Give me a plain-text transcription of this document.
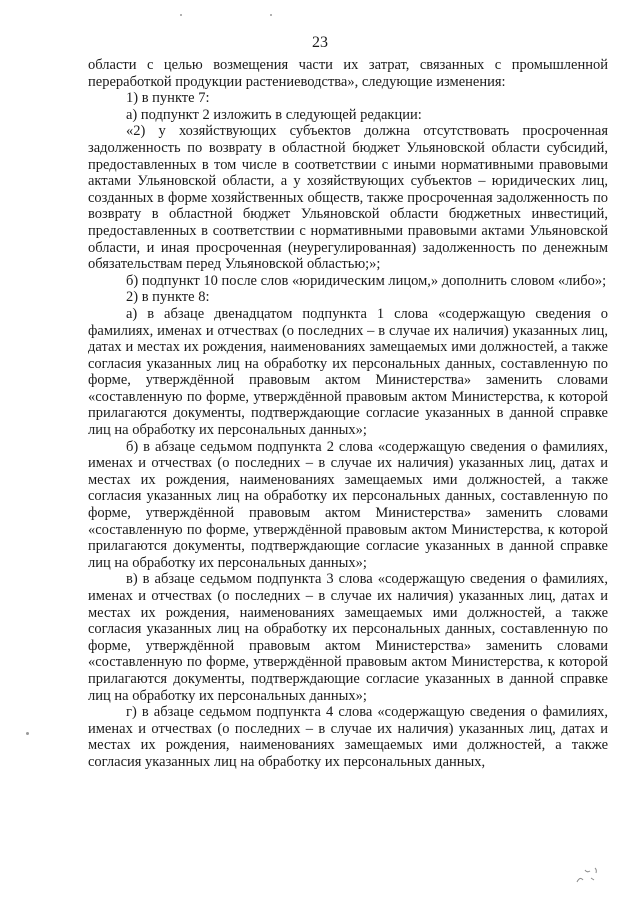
23

области с целью возмещения части их затрат, связанных с промышленной переработкой продукции растениеводства», следующие изменения:

1) в пункте 7:

а) подпункт 2 изложить в следующей редакции:

«2) у хозяйствующих субъектов должна отсутствовать просроченная задолженность по возврату в областной бюджет Ульяновской области субсидий, предоставленных в том числе в соответствии с иными нормативными правовыми актами Ульяновской области, а у хозяйствующих субъектов – юридических лиц, созданных в форме хозяйственных обществ, также просроченная задолженность по возврату в областной бюджет Ульяновской области бюджетных инвестиций, предоставленных в соответствии с нормативными правовыми актами Ульяновской области, и иная просроченная (неурегулированная) задолженность по денежным обязательствам перед Ульяновской областью;»;

б) подпункт 10 после слов «юридическим лицом,» дополнить словом «либо»;

2) в пункте 8:

а) в абзаце двенадцатом подпункта 1 слова «содержащую сведения о фамилиях, именах и отчествах (о последних – в случае их наличия) указанных лиц, датах и местах их рождения, наименованиях замещаемых ими должностей, а также согласия указанных лиц на обработку их персональных данных, составленную по форме, утверждённой правовым актом Министерства» заменить словами «составленную по форме, утверждённой правовым актом Министерства, к которой прилагаются документы, подтверждающие согласие указанных в данной справке лиц на обработку их персональных данных»;

б) в абзаце седьмом подпункта 2 слова «содержащую сведения о фамилиях, именах и отчествах (о последних – в случае их наличия) указанных лиц, датах и местах их рождения, наименованиях замещаемых ими должностей, а также согласия указанных лиц на обработку их персональных данных, составленную по форме, утверждённой правовым актом Министерства» заменить словами «составленную по форме, утверждённой правовым актом Министерства, к которой прилагаются документы, подтверждающие согласие указанных в данной справке лиц на обработку их персональных данных»;

в) в абзаце седьмом подпункта 3 слова «содержащую сведения о фамилиях, именах и отчествах (о последних – в случае их наличия) указанных лиц, датах и местах их рождения, наименованиях замещаемых ими должностей, а также согласия указанных лиц на обработку их персональных данных, составленную по форме, утверждённой правовым актом Министерства» заменить словами «составленную по форме, утверждённой правовым актом Министерства, к которой прилагаются документы, подтверждающие согласие указанных в данной справке лиц на обработку их персональных данных»;

г) в абзаце седьмом подпункта 4 слова «содержащую сведения о фамилиях, именах и отчествах (о последних – в случае их наличия) указанных лиц, датах и местах их рождения, наименованиях замещаемых ими должностей, а также согласия указанных лиц на обработку их персональных данных,
